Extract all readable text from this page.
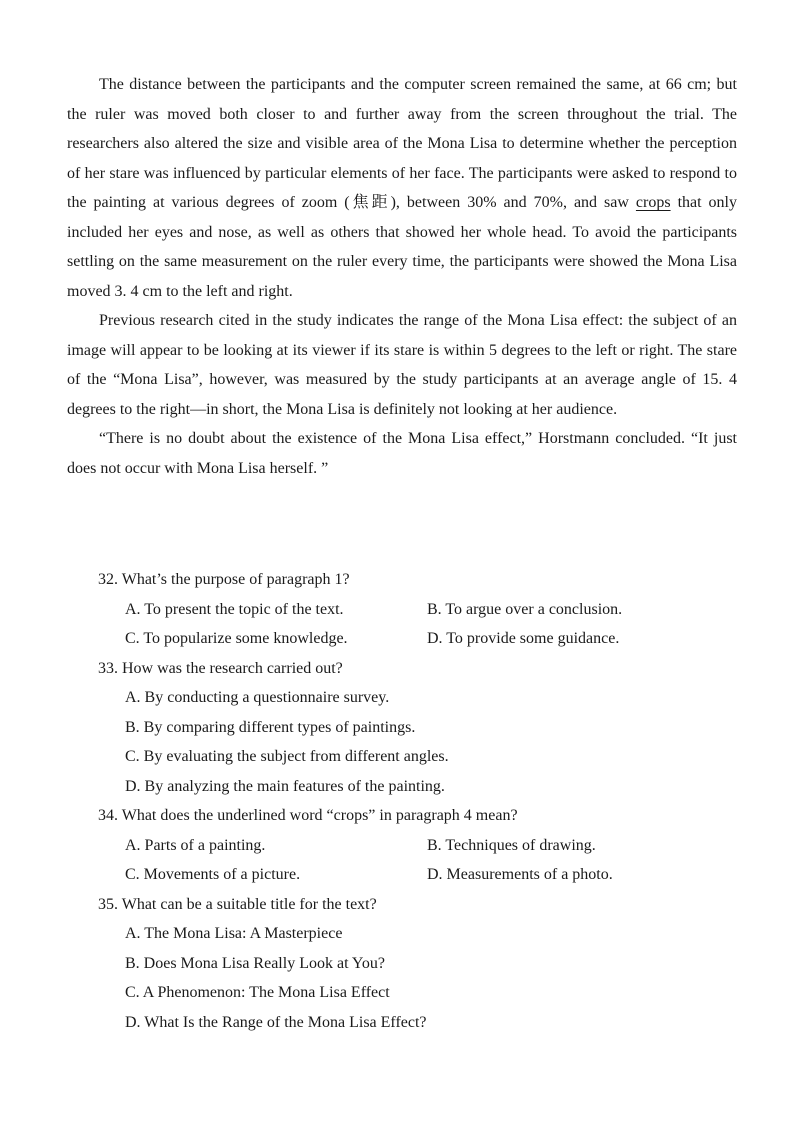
The distance between the participants and the computer screen remained the same, at 66 cm; but the ruler was moved both closer to and further away from the screen throughout the trial. The researchers also altered the size and visible area of the Mona Lisa to determine whether the perception of her stare was influenced by particular elements of her face. The participants were asked to respond to the painting at various degrees of zoom (焦距), between 30% and 70%, and saw crops that only included her eyes and nose, as well as others that showed her whole head. To avoid the participants settling on the same measurement on the ruler every time, the participants were showed the Mona Lisa moved 3. 4 cm to the left and right.

Previous research cited in the study indicates the range of the Mona Lisa effect: the subject of an image will appear to be looking at its viewer if its stare is within 5 degrees to the left or right. The stare of the “Mona Lisa”, however, was measured by the study participants at an average angle of 15. 4 degrees to the right—in short, the Mona Lisa is definitely not looking at her audience.

“There is no doubt about the existence of the Mona Lisa effect,” Horstmann concluded. “It just does not occur with Mona Lisa herself. ”

32. What’s the purpose of paragraph 1?

A. To present the topic of the text.	B. To argue over a conclusion.
C. To popularize some knowledge.	D. To provide some guidance.

33. How was the research carried out?

A. By conducting a questionnaire survey.
B. By comparing different types of paintings.
C. By evaluating the subject from different angles.
D. By analyzing the main features of the painting.

34. What does the underlined word “crops” in paragraph 4 mean?

A. Parts of a painting.	B. Techniques of drawing.
C. Movements of a picture.	D. Measurements of a photo.

35. What can be a suitable title for the text?

A. The Mona Lisa: A Masterpiece
B. Does Mona Lisa Really Look at You?
C. A Phenomenon: The Mona Lisa Effect
D. What Is the Range of the Mona Lisa Effect?
